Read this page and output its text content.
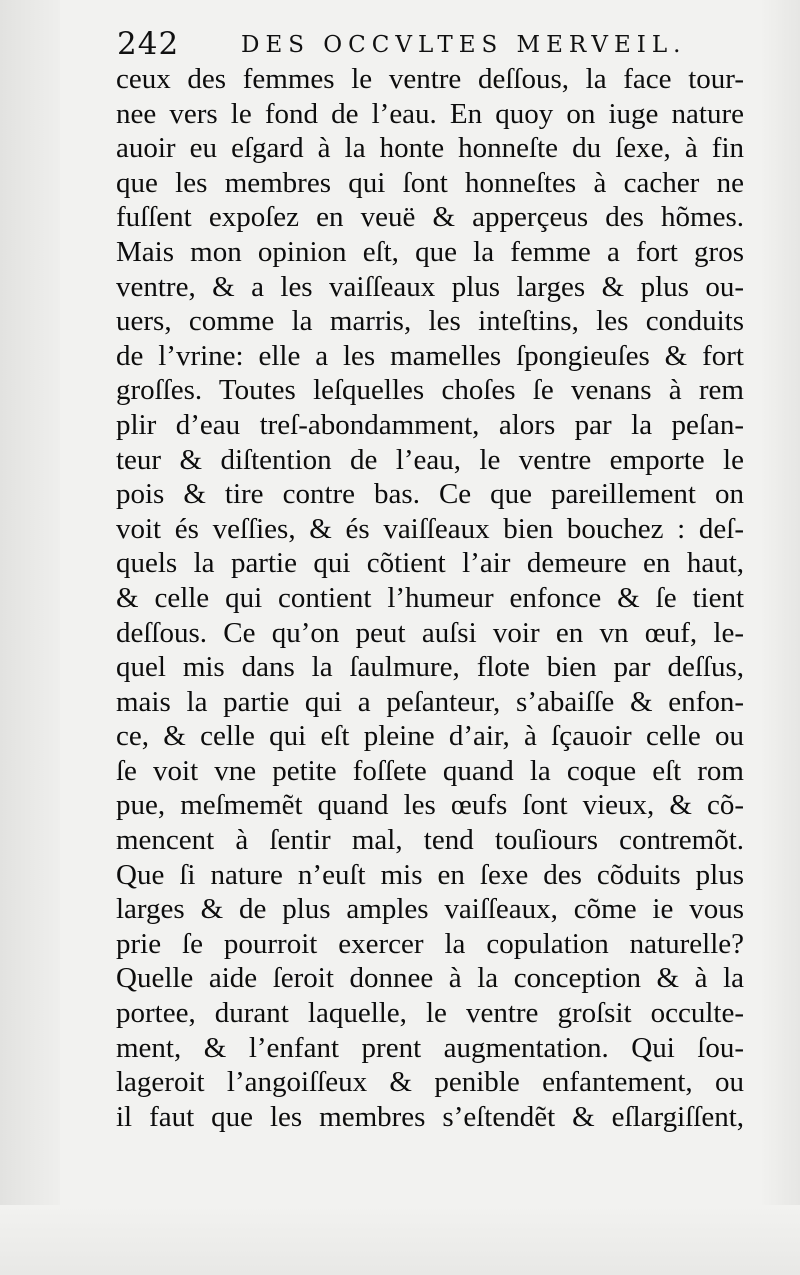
242	DES OCCVLTES MERVEIL.
ceux des femmes le ventre deſſous, la face tour-
nee vers le fond de l’eau. En quoy on iuge nature
auoir eu eſgard à la honte honneſte du ſexe, à fin
que les membres qui ſont honneſtes à cacher ne
fuſſent expoſez en veuë & apperçeus des hõmes.
Mais mon opinion eſt, que la femme a fort gros
ventre, & a les vaiſſeaux plus larges & plus ou-
uers, comme la marris, les inteſtins, les conduits
de l’vrine: elle a les mamelles ſpongieuſes & fort
groſſes. Toutes leſquelles choſes ſe venans à rem
plir d’eau treſ-abondamment, alors par la peſan-
teur & diſtention de l’eau, le ventre emporte le
pois & tire contre bas. Ce que pareillement on
voit és veſſies, & és vaiſſeaux bien bouchez : deſ-
quels la partie qui cõtient l’air demeure en haut,
& celle qui contient l’humeur enfonce & ſe tient
deſſous. Ce qu’on peut auſsi voir en vn œuf, le-
quel mis dans la ſaulmure, flote bien par deſſus,
mais la partie qui a peſanteur, s’abaiſſe & enfon-
ce, & celle qui eſt pleine d’air, à ſçauoir celle ou
ſe voit vne petite foſſete quand la coque eſt rom
pue, meſmemẽt quand les œufs ſont vieux, & cõ-
mencent à ſentir mal, tend touſiours contremõt.
Que ſi nature n’euſt mis en ſexe des cõduits plus
larges & de plus amples vaiſſeaux, cõme ie vous
prie ſe pourroit exercer la copulation naturelle?
Quelle aide ſeroit donnee à la conception & à la
portee, durant laquelle, le ventre groſsit occulte-
ment, & l’enfant prent augmentation. Qui ſou-
lageroit l’angoiſſeux & penible enfantement, ou
il faut que les membres s’eſtendẽt & eſlargiſſent,
